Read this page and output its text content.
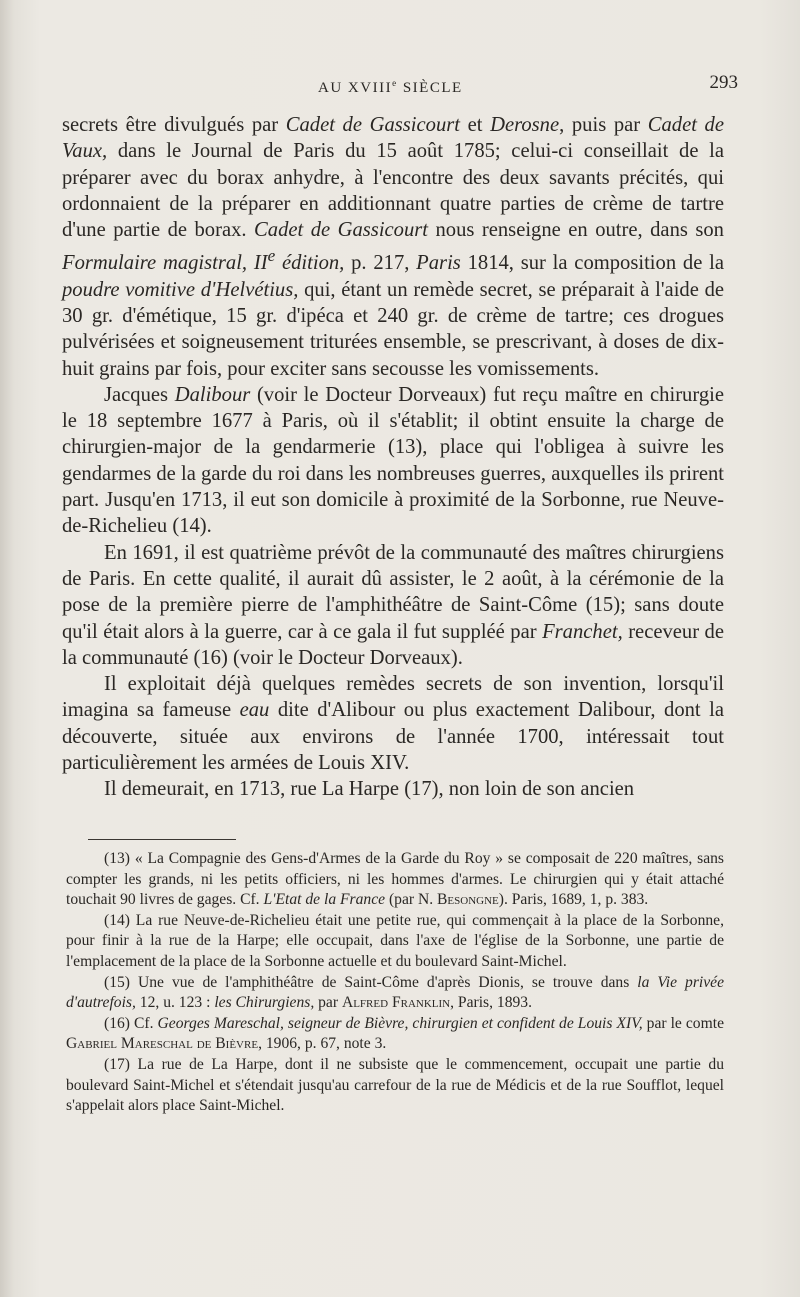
AU XVIIIe SIÈCLE	293

secrets être divulgués par Cadet de Gassicourt et Derosne, puis par Cadet de Vaux, dans le Journal de Paris du 15 août 1785; celui-ci conseillait de la préparer avec du borax anhydre, à l'encontre des deux savants précités, qui ordonnaient de la préparer en additionnant quatre parties de crème de tartre d'une partie de borax. Cadet de Gassicourt nous renseigne en outre, dans son Formulaire magistral, IIe édition, p. 217, Paris 1814, sur la composition de la poudre vomitive d'Helvétius, qui, étant un remède secret, se préparait à l'aide de 30 gr. d'émétique, 15 gr. d'ipéca et 240 gr. de crème de tartre; ces drogues pulvérisées et soigneusement triturées ensemble, se prescrivant, à doses de dix-huit grains par fois, pour exciter sans secousse les vomissements.

Jacques Dalibour (voir le Docteur Dorveaux) fut reçu maître en chirurgie le 18 septembre 1677 à Paris, où il s'établit; il obtint ensuite la charge de chirurgien-major de la gendarmerie (13), place qui l'obligea à suivre les gendarmes de la garde du roi dans les nombreuses guerres, auxquelles ils prirent part. Jusqu'en 1713, il eut son domicile à proximité de la Sorbonne, rue Neuve-de-Richelieu (14).

En 1691, il est quatrième prévôt de la communauté des maîtres chirurgiens de Paris. En cette qualité, il aurait dû assister, le 2 août, à la cérémonie de la pose de la première pierre de l'amphithéâtre de Saint-Côme (15); sans doute qu'il était alors à la guerre, car à ce gala il fut suppléé par Franchet, receveur de la communauté (16) (voir le Docteur Dorveaux).

Il exploitait déjà quelques remèdes secrets de son invention, lorsqu'il imagina sa fameuse eau dite d'Alibour ou plus exactement Dalibour, dont la découverte, située aux environs de l'année 1700, intéressait tout particulièrement les armées de Louis XIV.

Il demeurait, en 1713, rue La Harpe (17), non loin de son ancien

(13) « La Compagnie des Gens-d'Armes de la Garde du Roy » se composait de 220 maîtres, sans compter les grands, ni les petits officiers, ni les hommes d'armes. Le chirurgien qui y était attaché touchait 90 livres de gages. Cf. L'Etat de la France (par N. Besongne). Paris, 1689, 1, p. 383.

(14) La rue Neuve-de-Richelieu était une petite rue, qui commençait à la place de la Sorbonne, pour finir à la rue de la Harpe; elle occupait, dans l'axe de l'église de la Sorbonne, une partie de l'emplacement de la place de la Sorbonne actuelle et du boulevard Saint-Michel.

(15) Une vue de l'amphithéâtre de Saint-Côme d'après Dionis, se trouve dans la Vie privée d'autrefois, 12, u. 123 : les Chirurgiens, par Alfred Franklin, Paris, 1893.

(16) Cf. Georges Mareschal, seigneur de Bièvre, chirurgien et confident de Louis XIV, par le comte Gabriel Mareschal de Bièvre, 1906, p. 67, note 3.

(17) La rue de La Harpe, dont il ne subsiste que le commencement, occupait une partie du boulevard Saint-Michel et s'étendait jusqu'au carrefour de la rue de Médicis et de la rue Soufflot, lequel s'appelait alors place Saint-Michel.
